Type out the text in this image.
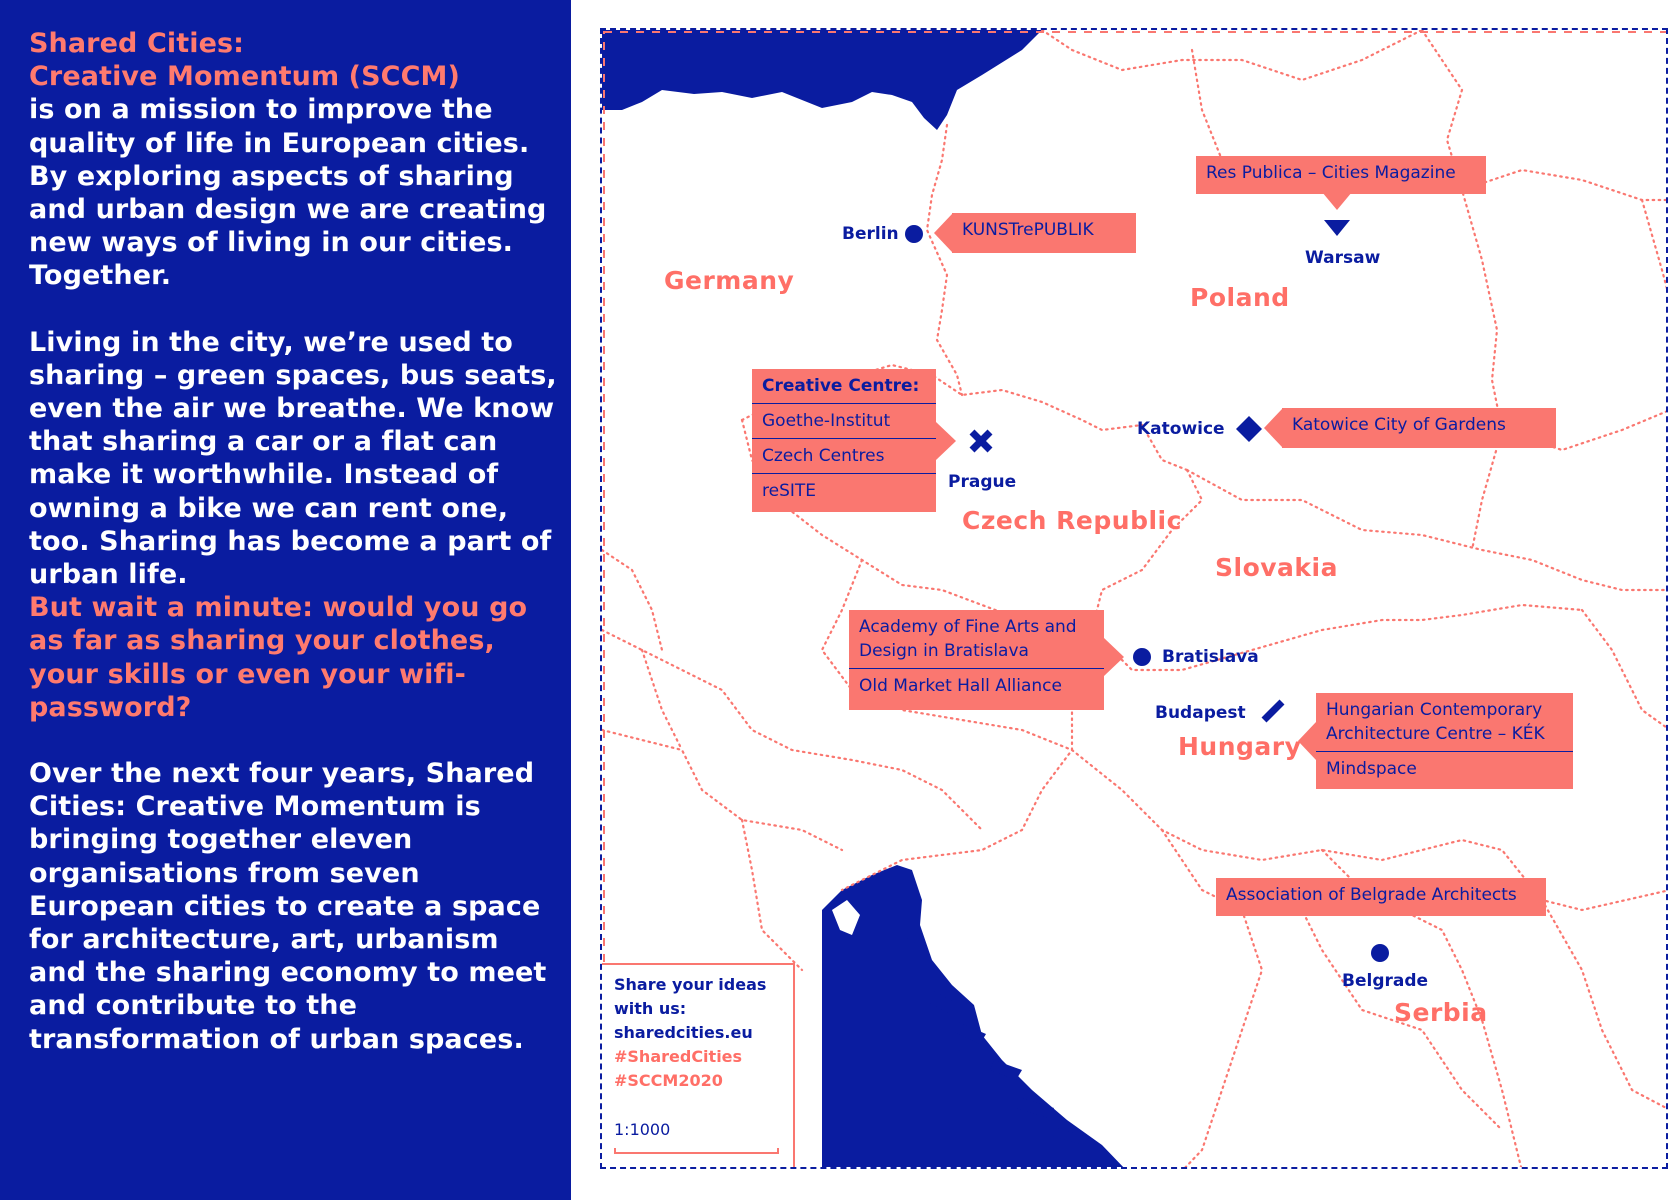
Shared Cities:
Creative Momentum (SCCM)
is on a mission to improve the quality of life in European cities. By exploring aspects of sharing and urban design we are creating new ways of living in our cities. Together.

Living in the city, we’re used to sharing – green spaces, bus seats, even the air we breathe. We know that sharing a car or a flat can make it worthwhile. Instead of owning a bike we can rent one, too. Sharing has become a part of urban life.
But wait a minute: would you go as far as sharing your clothes, your skills or even your wifi-password?

Over the next four years, Shared Cities: Creative Momentum is bringing together eleven organisations from seven European cities to create a space for architecture, art, urbanism and the sharing economy to meet and contribute to the transformation of urban spaces.

Germany
Poland
Czech Republic
Slovakia
Hungary
Serbia
Berlin	KUNSTrePUBLIK
Res Publica – Cities Magazine
Warsaw
Katowice	Katowice City of Gardens
Creative Centre:
Goethe-Institut
Czech Centres
reSITE	Prague
Academy of Fine Arts and Design in Bratislava
Old Market Hall Alliance
Bratislava
Budapest	Hungarian Contemporary Architecture Centre – KÉK
Mindspace
Association of Belgrade Architects
Belgrade
Share your ideas
with us:
sharedcities.eu
#SharedCities
#SCCM2020
1:1000
